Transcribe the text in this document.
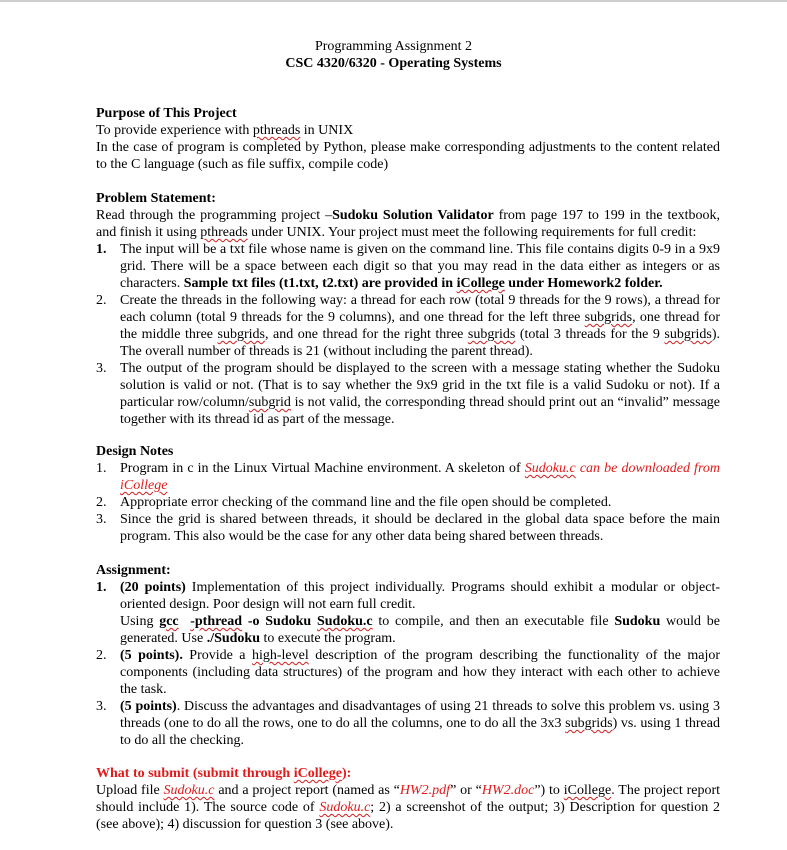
Programming Assignment 2
CSC 4320/6320 - Operating Systems
Purpose of This Project
To provide experience with pthreads in UNIX
In the case of program is completed by Python, please make corresponding adjustments to the content related to the C language (such as file suffix, compile code)
Problem Statement:
Read through the programming project –Sudoku Solution Validator from page 197 to 199 in the textbook, and finish it using pthreads under UNIX. Your project must meet the following requirements for full credit:
1. The input will be a txt file whose name is given on the command line. This file contains digits 0-9 in a 9x9 grid. There will be a space between each digit so that you may read in the data either as integers or as characters. Sample txt files (t1.txt, t2.txt) are provided in iCollege under Homework2 folder.
2. Create the threads in the following way: a thread for each row (total 9 threads for the 9 rows), a thread for each column (total 9 threads for the 9 columns), and one thread for the left three subgrids, one thread for the middle three subgrids, and one thread for the right three subgrids (total 3 threads for the 9 subgrids). The overall number of threads is 21 (without including the parent thread).
3. The output of the program should be displayed to the screen with a message stating whether the Sudoku solution is valid or not. (That is to say whether the 9x9 grid in the txt file is a valid Sudoku or not). If a particular row/column/subgrid is not valid, the corresponding thread should print out an “invalid” message together with its thread id as part of the message.
Design Notes
1. Program in c in the Linux Virtual Machine environment. A skeleton of Sudoku.c can be downloaded from iCollege
2. Appropriate error checking of the command line and the file open should be completed.
3. Since the grid is shared between threads, it should be declared in the global data space before the main program. This also would be the case for any other data being shared between threads.
Assignment:
1. (20 points) Implementation of this project individually. Programs should exhibit a modular or object-oriented design. Poor design will not earn full credit.
Using gcc -pthread -o Sudoku Sudoku.c to compile, and then an executable file Sudoku would be generated. Use ./Sudoku to execute the program.
2. (5 points). Provide a high-level description of the program describing the functionality of the major components (including data structures) of the program and how they interact with each other to achieve the task.
3. (5 points). Discuss the advantages and disadvantages of using 21 threads to solve this problem vs. using 3 threads (one to do all the rows, one to do all the columns, one to do all the 3x3 subgrids) vs. using 1 thread to do all the checking.
What to submit (submit through iCollege):
Upload file Sudoku.c and a project report (named as “HW2.pdf” or “HW2.doc”) to iCollege. The project report should include 1). The source code of Sudoku.c; 2) a screenshot of the output; 3) Description for question 2 (see above); 4) discussion for question 3 (see above).
